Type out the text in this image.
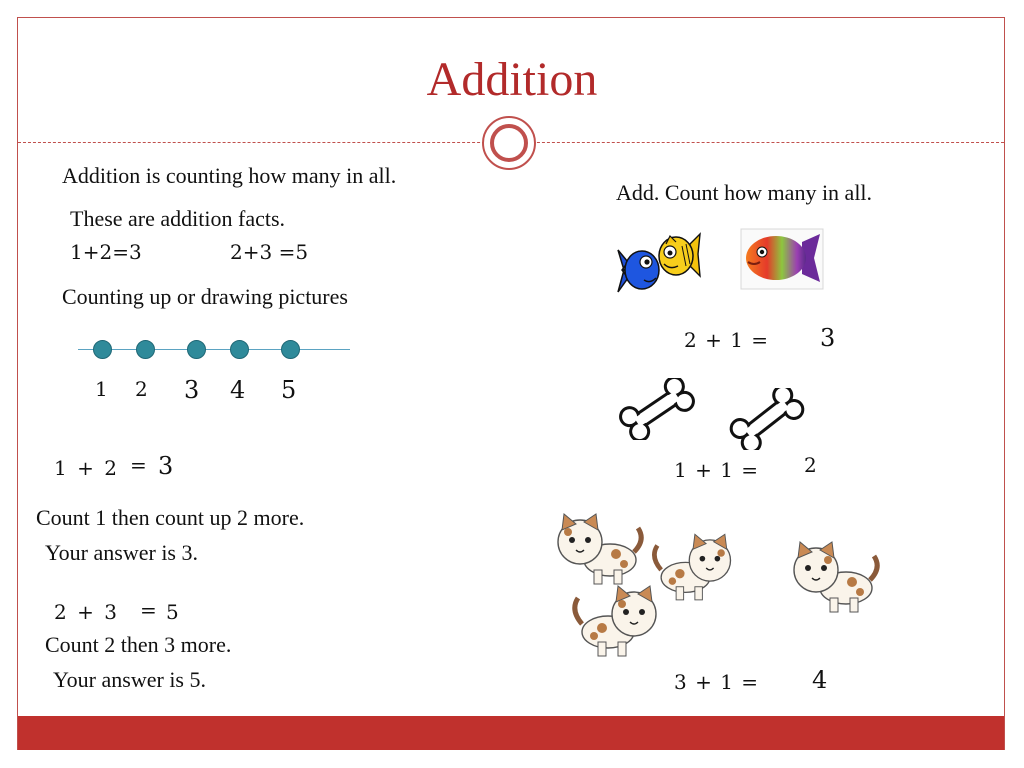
Addition
Addition is counting how many in all.
These are addition facts.
1+2=3	2+3 =5
Counting up or drawing pictures
1 2 3 4 5
1 + 2 = 3
Count 1 then count up 2 more.
Your answer is 3.
2 + 3 = 5
Count 2 then 3 more.
Your answer is 5.
Add. Count how many in all.
2 + 1 = 3
1 + 1 = 2
3 + 1 = 4
